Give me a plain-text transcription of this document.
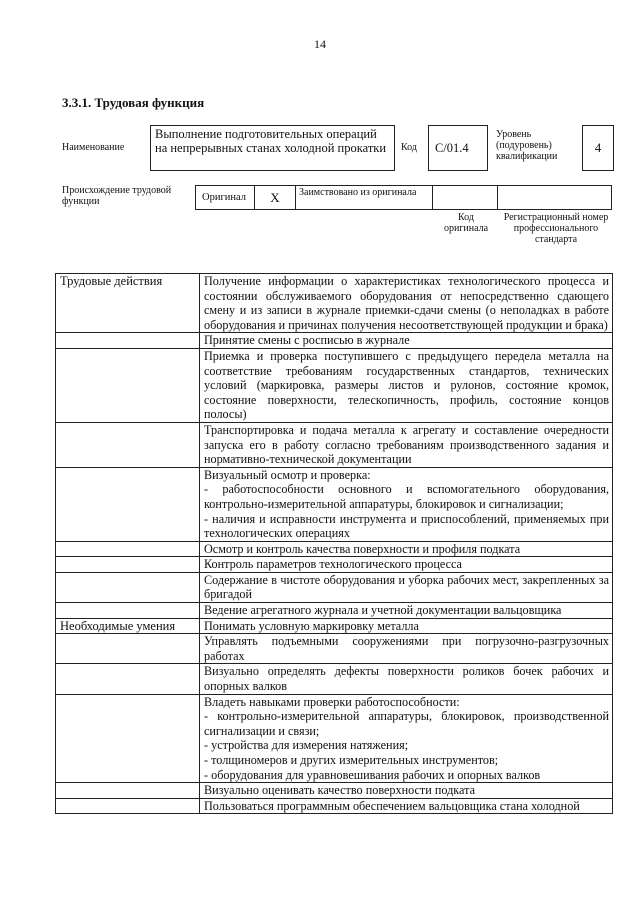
14
3.3.1. Трудовая функция
Наименование
Выполнение подготовительных операций на непрерывных станах холодной прокатки	Код	C/01.4
Уровень (подуровень) квалификации
4
Происхождение трудовой функции	Оригинал	X	Заимствовано из оригинала
Код оригинала
Регистрационный номер профессионального стандарта
Трудовые действия	Получение информации о характеристиках технологического процесса и состоянии обслуживаемого оборудования от непосредственно сдающего смену и из записи в журнале приемки-сдачи смены (о неполадках в работе оборудования и причинах получения несоответствующей продукции и брака)
	Принятие смены с росписью в журнале
	Приемка и проверка поступившего с предыдущего передела металла на соответствие требованиям государственных стандартов, технических условий (маркировка, размеры листов и рулонов, состояние кромок, состояние поверхности, телескопичность, профиль, состояние концов полосы)
	Транспортировка и подача металла к агрегату и составление очередности запуска его в работу согласно требованиям производственного задания и нормативно-технической документации
	Визуальный осмотр и проверка:
- работоспособности основного и вспомогательного оборудования, контрольно-измерительной аппаратуры, блокировок и сигнализации;
- наличия и исправности инструмента и приспособлений, применяемых при технологических операциях
	Осмотр и контроль качества поверхности и профиля подката
	Контроль параметров технологического процесса
	Содержание в чистоте оборудования и уборка рабочих мест, закрепленных за бригадой
	Ведение агрегатного журнала и учетной документации вальцовщика
Необходимые умения	Понимать условную маркировку металла
	Управлять подъемными сооружениями при погрузочно-разгрузочных работах
	Визуально определять дефекты поверхности роликов бочек рабочих и опорных валков
	Владеть навыками проверки работоспособности:
- контрольно-измерительной аппаратуры, блокировок, производственной сигнализации и связи;
- устройства для измерения натяжения;
- толщиномеров и других измерительных инструментов;
- оборудования для уравновешивания рабочих и опорных валков
	Визуально оценивать качество поверхности подката
	Пользоваться программным обеспечением вальцовщика стана холодной
